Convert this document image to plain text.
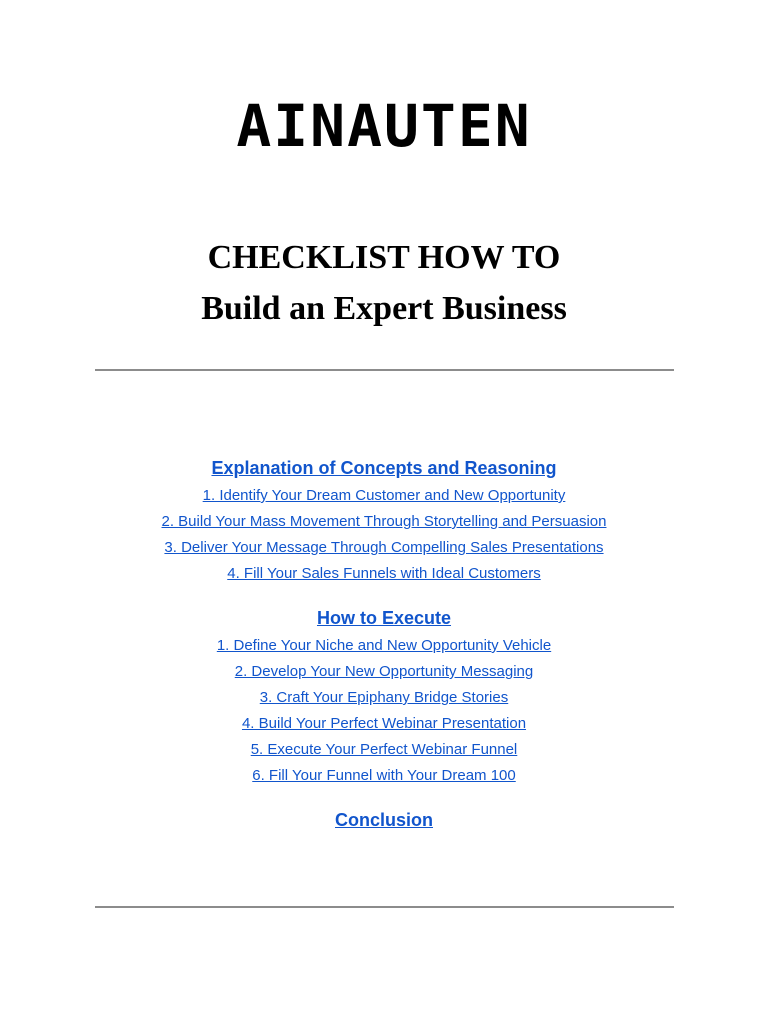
AINAUTEN
CHECKLIST HOW TO
Build an Expert Business
Explanation of Concepts and Reasoning
1. Identify Your Dream Customer and New Opportunity
2. Build Your Mass Movement Through Storytelling and Persuasion
3. Deliver Your Message Through Compelling Sales Presentations
4. Fill Your Sales Funnels with Ideal Customers
How to Execute
1. Define Your Niche and New Opportunity Vehicle
2. Develop Your New Opportunity Messaging
3. Craft Your Epiphany Bridge Stories
4. Build Your Perfect Webinar Presentation
5. Execute Your Perfect Webinar Funnel
6. Fill Your Funnel with Your Dream 100
Conclusion
